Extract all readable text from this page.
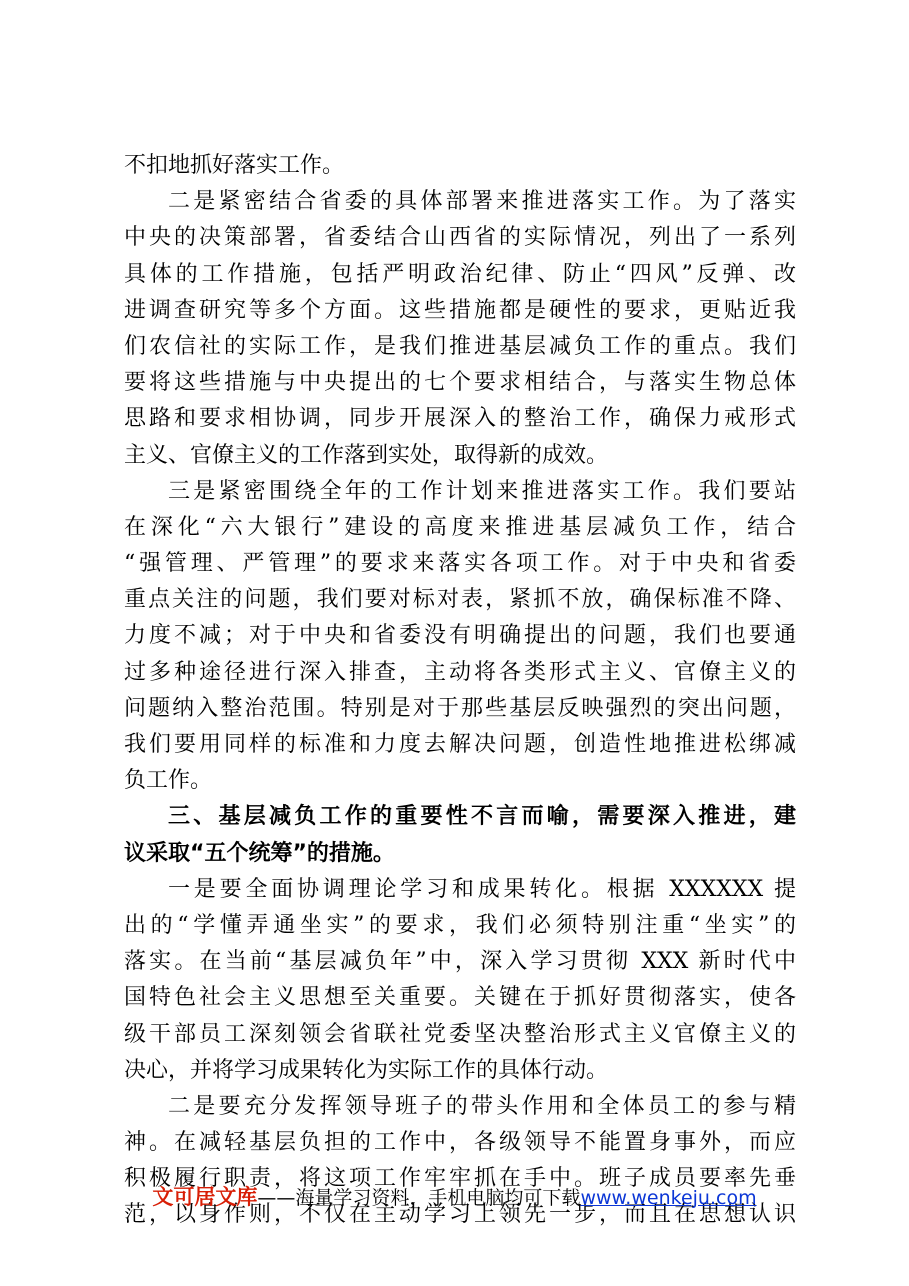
不扣地抓好落实工作。
二是紧密结合省委的具体部署来推进落实工作。为了落实
中央的决策部署，省委结合山西省的实际情况，列出了一系列
具体的工作措施，包括严明政治纪律、防止“四风”反弹、改
进调查研究等多个方面。这些措施都是硬性的要求，更贴近我
们农信社的实际工作，是我们推进基层减负工作的重点。我们
要将这些措施与中央提出的七个要求相结合，与落实生物总体
思路和要求相协调，同步开展深入的整治工作，确保力戒形式
主义、官僚主义的工作落到实处，取得新的成效。
三是紧密围绕全年的工作计划来推进落实工作。我们要站
在深化“六大银行”建设的高度来推进基层减负工作，结合
“强管理、严管理”的要求来落实各项工作。对于中央和省委
重点关注的问题，我们要对标对表，紧抓不放，确保标准不降、
力度不减；对于中央和省委没有明确提出的问题，我们也要通
过多种途径进行深入排查，主动将各类形式主义、官僚主义的
问题纳入整治范围。特别是对于那些基层反映强烈的突出问题，
我们要用同样的标准和力度去解决问题，创造性地推进松绑减
负工作。
三、基层减负工作的重要性不言而喻，需要深入推进，建
议采取“五个统筹”的措施。
一是要全面协调理论学习和成果转化。根据 XXXXXX 提
出的“学懂弄通坐实”的要求，我们必须特别注重“坐实”的
落实。在当前“基层减负年”中，深入学习贯彻 XXX 新时代中
国特色社会主义思想至关重要。关键在于抓好贯彻落实，使各
级干部员工深刻领会省联社党委坚决整治形式主义官僚主义的
决心，并将学习成果转化为实际工作的具体行动。
二是要充分发挥领导班子的带头作用和全体员工的参与精
神。在减轻基层负担的工作中，各级领导不能置身事外，而应
积极履行职责，将这项工作牢牢抓在手中。班子成员要率先垂
范，以身作则，不仅在主动学习上领先一步，而且在思想认识
文可居文库——海量学习资料，手机电脑均可下载www.wenkeju.com
